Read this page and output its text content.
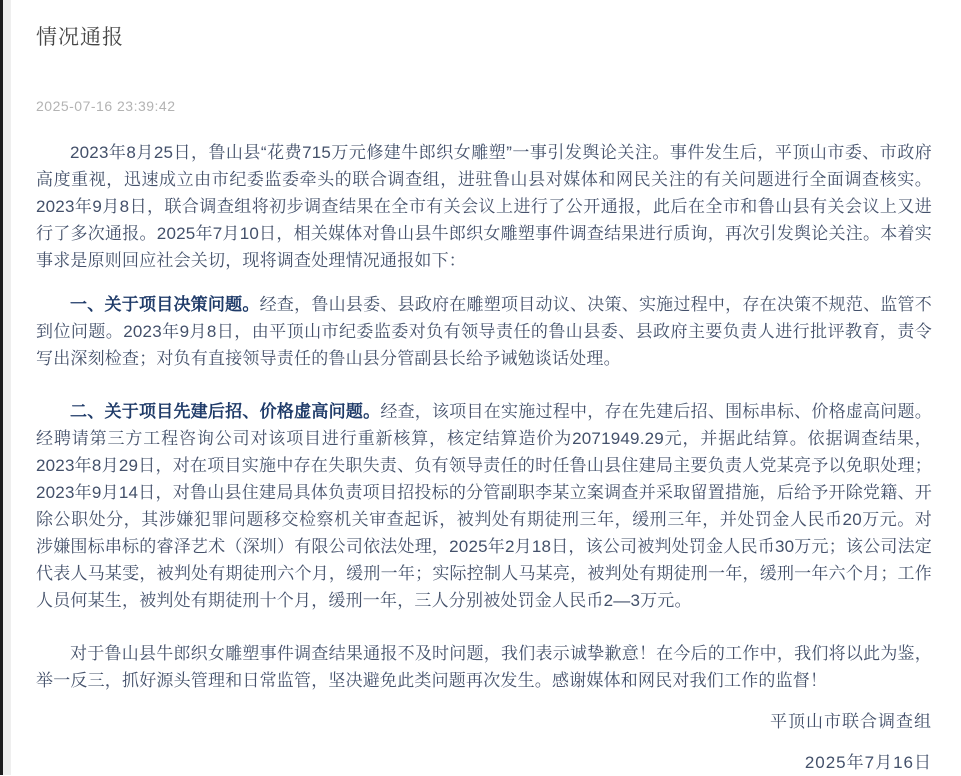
情况通报
2025-07-16 23:39:42

2023年8月25日，鲁山县“花费715万元修建牛郎织女雕塑”一事引发舆论关注。事件发生后，平顶山市委、市政府高度重视，迅速成立由市纪委监委牵头的联合调查组，进驻鲁山县对媒体和网民关注的有关问题进行全面调查核实。2023年9月8日，联合调查组将初步调查结果在全市有关会议上进行了公开通报，此后在全市和鲁山县有关会议上又进行了多次通报。2025年7月10日，相关媒体对鲁山县牛郎织女雕塑事件调查结果进行质询，再次引发舆论关注。本着实事求是原则回应社会关切，现将调查处理情况通报如下：

一、关于项目决策问题。经查，鲁山县委、县政府在雕塑项目动议、决策、实施过程中，存在决策不规范、监管不到位问题。2023年9月8日，由平顶山市纪委监委对负有领导责任的鲁山县委、县政府主要负责人进行批评教育，责令写出深刻检查；对负有直接领导责任的鲁山县分管副县长给予诫勉谈话处理。

二、关于项目先建后招、价格虚高问题。经查，该项目在实施过程中，存在先建后招、围标串标、价格虚高问题。经聘请第三方工程咨询公司对该项目进行重新核算，核定结算造价为2071949.29元，并据此结算。依据调查结果，2023年8月29日，对在项目实施中存在失职失责、负有领导责任的时任鲁山县住建局主要负责人党某亮予以免职处理；2023年9月14日，对鲁山县住建局具体负责项目招投标的分管副职李某立案调查并采取留置措施，后给予开除党籍、开除公职处分，其涉嫌犯罪问题移交检察机关审查起诉，被判处有期徒刑三年，缓刑三年，并处罚金人民币20万元。对涉嫌围标串标的睿泽艺术（深圳）有限公司依法处理，2025年2月18日，该公司被判处罚金人民币30万元；该公司法定代表人马某雯，被判处有期徒刑六个月，缓刑一年；实际控制人马某亮，被判处有期徒刑一年，缓刑一年六个月；工作人员何某生，被判处有期徒刑十个月，缓刑一年，三人分别被处罚金人民币2—3万元。

对于鲁山县牛郎织女雕塑事件调查结果通报不及时问题，我们表示诚挚歉意！在今后的工作中，我们将以此为鉴，举一反三，抓好源头管理和日常监管，坚决避免此类问题再次发生。感谢媒体和网民对我们工作的监督！

平顶山市联合调查组

2025年7月16日
